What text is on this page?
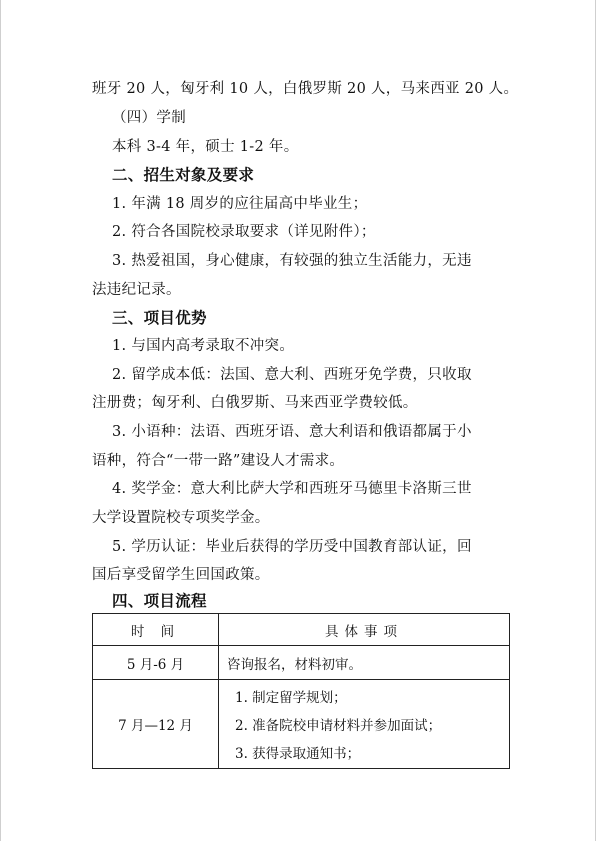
班牙 20 人，匈牙利 10 人，白俄罗斯 20 人，马来西亚 20 人。
（四）学制
本科 3-4 年，硕士 1-2 年。
二、招生对象及要求
1. 年满 18 周岁的应往届高中毕业生；
2. 符合各国院校录取要求（详见附件）；
3. 热爱祖国，身心健康，有较强的独立生活能力，无违
法违纪记录。
三、项目优势
1. 与国内高考录取不冲突。
2. 留学成本低：法国、意大利、西班牙免学费，只收取
注册费；匈牙利、白俄罗斯、马来西亚学费较低。
3. 小语种：法语、西班牙语、意大利语和俄语都属于小
语种，符合“一带一路”建设人才需求。
4. 奖学金：意大利比萨大学和西班牙马德里卡洛斯三世
大学设置院校专项奖学金。
5. 学历认证：毕业后获得的学历受中国教育部认证，回
国后享受留学生回国政策。
四、项目流程
时 间	具体事项
5 月-6 月	咨询报名，材料初审。
7 月—12 月	1. 制定留学规划；
2. 准备院校申请材料并参加面试；
3. 获得录取通知书；
